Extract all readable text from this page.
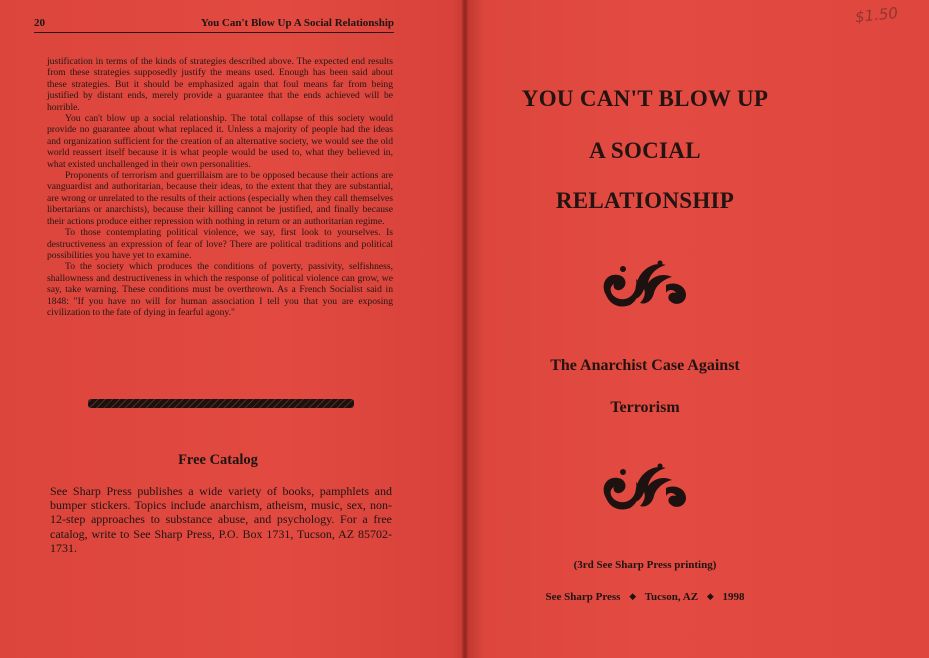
20	You Can't Blow Up A Social Relationship

justification in terms of the kinds of strategies described above. The expected end results from these strategies supposedly justify the means used. Enough has been said about these strategies. But it should be emphasized again that foul means far from being justified by distant ends, merely provide a guarantee that the ends achieved will be horrible.

You can't blow up a social relationship. The total collapse of this society would provide no guarantee about what replaced it. Unless a majority of people had the ideas and organization sufficient for the creation of an alternative society, we would see the old world reassert itself because it is what people would be used to, what they believed in, what existed unchallenged in their own personalities.

Proponents of terrorism and guerrillaism are to be opposed because their actions are vanguardist and authoritarian, because their ideas, to the extent that they are substantial, are wrong or unrelated to the results of their actions (especially when they call themselves libertarians or anarchists), because their killing cannot be justified, and finally because their actions produce either repression with nothing in return or an authoritarian regime.

To those contemplating political violence, we say, first look to yourselves. Is destructiveness an expression of fear of love? There are political traditions and political possibilities you have yet to examine.

To the society which produces the conditions of poverty, passivity, selfishness, shallowness and destructiveness in which the response of political violence can grow, we say, take warning. These conditions must be overthrown. As a French Socialist said in 1848: "If you have no will for human association I tell you that you are exposing civilization to the fate of dying in fearful agony."

Free Catalog
See Sharp Press publishes a wide variety of books, pamphlets and bumper stickers. Topics include anarchism, atheism, music, sex, non-12-step approaches to substance abuse, and psychology. For a free catalog, write to See Sharp Press, P.O. Box 1731, Tucson, AZ 85702-1731.
$1.50
YOU CAN'T BLOW UP
A SOCIAL
RELATIONSHIP
The Anarchist Case Against
Terrorism
(3rd See Sharp Press printing)
See Sharp Press ◆ Tucson, AZ ◆ 1998
